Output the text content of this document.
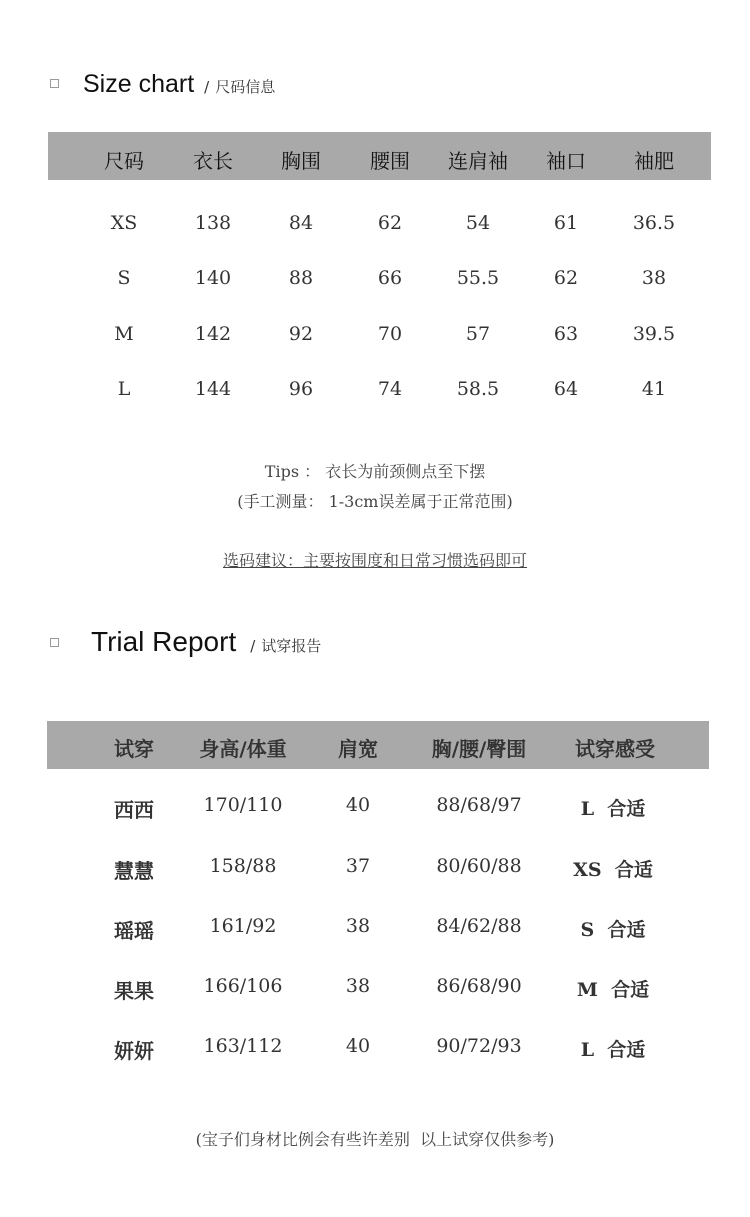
Size chart / 尺码信息
尺码 衣长 胸围 腰围 连肩袖 袖口 袖肥
XS	138	84	62	54	61	36.5
S	140	88	66	55.5	62	38
M	142	92	70	57	63	39.5
L	144	96	74	58.5	64	41
Tips ： 衣长为前颈侧点至下摆
(手工测量： 1-3cm误差属于正常范围)
选码建议：主要按围度和日常习惯选码即可
Trial Report / 试穿报告
试穿 身高/体重	肩宽	胸/腰/臀围 试穿感受
西西	170/110	40	88/68/97	L  合适
慧慧	158/88	37	80/60/88	XS  合适
瑶瑶	161/92	38	84/62/88	S  合适
果果	166/106	38	86/68/90	M  合适
妍妍	163/112	40	90/72/93	L  合适
(宝子们身材比例会有些许差别  以上试穿仅供参考)
